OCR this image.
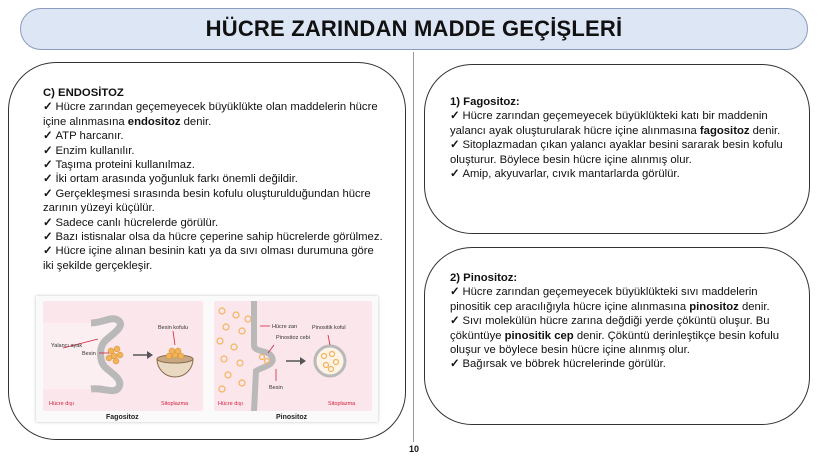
HÜCRE ZARINDAN MADDE GEÇİŞLERİ

C) ENDOSİTOZ

✓ Hücre zarından geçemeyecek büyüklükte olan maddelerin hücre içine alınmasına endositoz denir.

✓ ATP harcanır.

✓ Enzim kullanılır.

✓ Taşıma proteini kullanılmaz.

✓ İki ortam arasında yoğunluk farkı önemli değildir.

✓ Gerçekleşmesi sırasında besin kofulu oluşturulduğundan hücre zarının yüzeyi küçülür.

✓ Sadece canlı hücrelerde görülür.

✓ Bazı istisnalar olsa da hücre çeperine sahip hücrelerde görülmez.

✓ Hücre içine alınan besinin katı ya da sıvı olması durumuna göre iki şekilde gerçekleşir.

Yalancı ayak
Besin
Besin kofulu
Hücre dışı	Sitoplazma
Hücre zarı
Pinositoz cebi
Pinositik koful
Besin
Hücre dışı	Sitoplazma
Fagositoz	Pinositoz

1) Fagositoz:

✓ Hücre zarından geçemeyecek büyüklükteki katı bir maddenin yalancı ayak oluşturularak hücre içine alınmasına fagositoz denir.

✓ Sitoplazmadan çıkan yalancı ayaklar besini sararak besin kofulu oluşturur. Böylece besin hücre içine alınmış olur.

✓ Amip, akyuvarlar, cıvık mantarlarda görülür.

2) Pinositoz:

✓ Hücre zarından geçemeyecek büyüklükteki sıvı maddelerin pinositik cep aracılığıyla hücre içine alınmasına pinositoz denir.

✓ Sıvı molekülün hücre zarına değdiği yerde çöküntü oluşur. Bu çöküntüye pinositik cep denir. Çöküntü derinleştikçe besin kofulu oluşur ve böylece besin hücre içine alınmış olur.

✓ Bağırsak ve böbrek hücrelerinde görülür.

10
